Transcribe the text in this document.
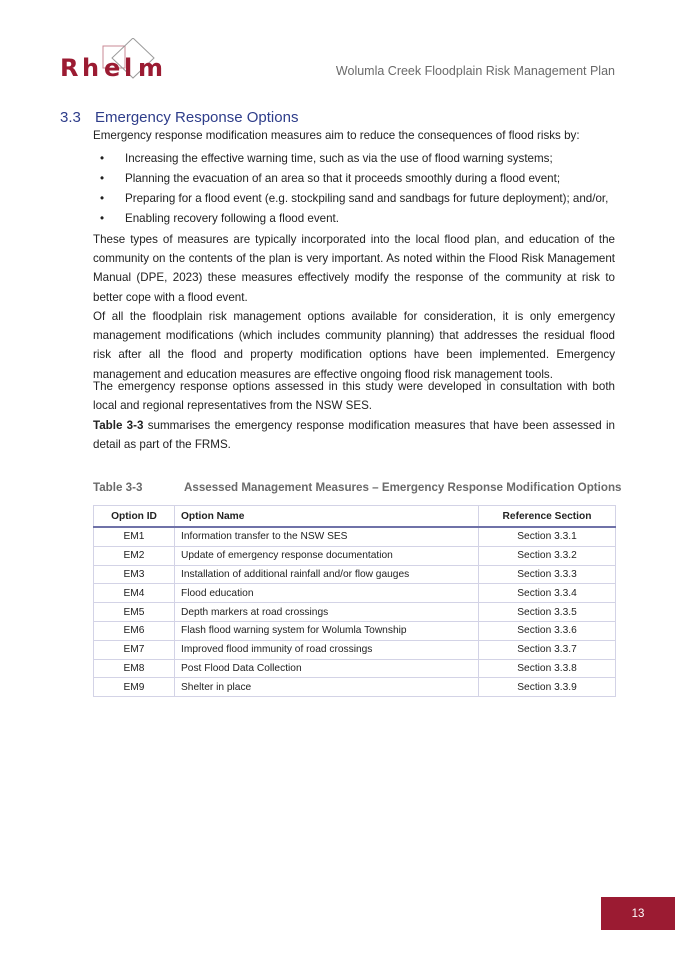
R h e l m	Wolumla Creek Floodplain Risk Management Plan
3.3 Emergency Response Options
Emergency response modification measures aim to reduce the consequences of flood risks by:
• Increasing the effective warning time, such as via the use of flood warning systems;
• Planning the evacuation of an area so that it proceeds smoothly during a flood event;
• Preparing for a flood event (e.g. stockpiling sand and sandbags for future deployment); and/or,
• Enabling recovery following a flood event.
These types of measures are typically incorporated into the local flood plan, and education of the community on the contents of the plan is very important. As noted within the Flood Risk Management Manual (DPE, 2023) these measures effectively modify the response of the community at risk to better cope with a flood event.
Of all the floodplain risk management options available for consideration, it is only emergency management modifications (which includes community planning) that addresses the residual flood risk after all the flood and property modification options have been implemented. Emergency management and education measures are effective ongoing flood risk management tools.
The emergency response options assessed in this study were developed in consultation with both local and regional representatives from the NSW SES.
Table 3-3 summarises the emergency response modification measures that have been assessed in detail as part of the FRMS.
Table 3-3	Assessed Management Measures – Emergency Response Modification Options
Option ID	Option Name	Reference Section
EM1	Information transfer to the NSW SES	Section 3.3.1
EM2	Update of emergency response documentation	Section 3.3.2
EM3	Installation of additional rainfall and/or flow gauges	Section 3.3.3
EM4	Flood education	Section 3.3.4
EM5	Depth markers at road crossings	Section 3.3.5
EM6	Flash flood warning system for Wolumla Township	Section 3.3.6
EM7	Improved flood immunity of road crossings	Section 3.3.7
EM8	Post Flood Data Collection	Section 3.3.8
EM9	Shelter in place	Section 3.3.9
13
